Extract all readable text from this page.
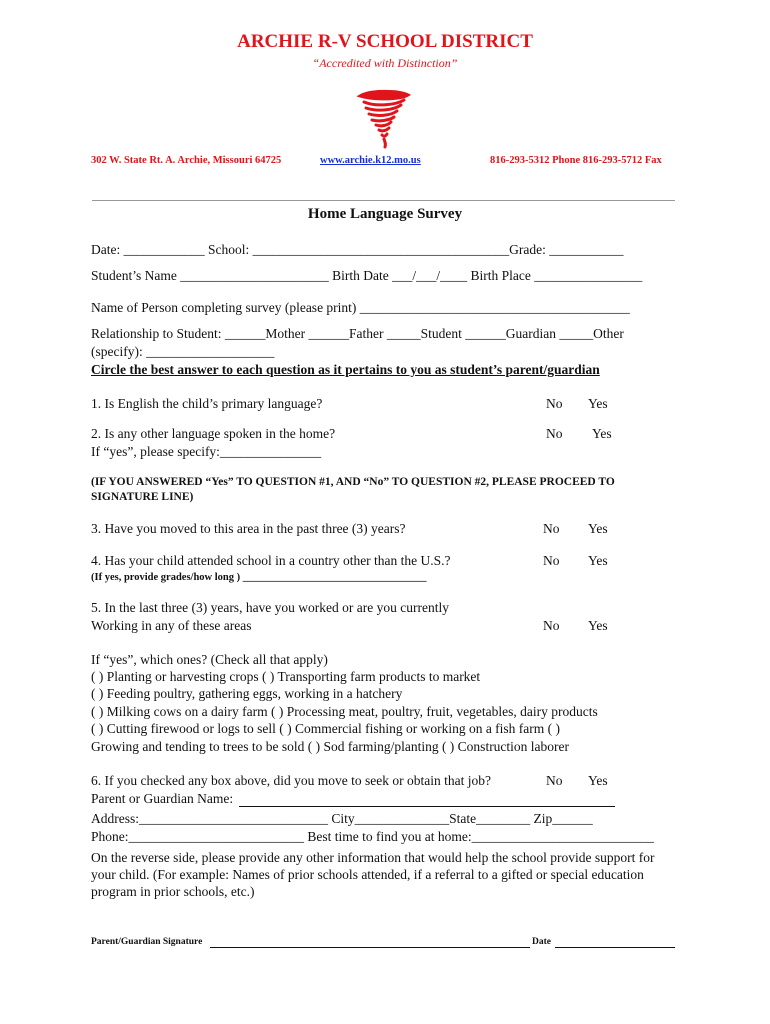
ARCHIE R-V SCHOOL DISTRICT
“Accredited with Distinction”
302 W. State Rt. A. Archie, Missouri 64725	www.archie.k12.mo.us	816-293-5312 Phone 816-293-5712 Fax
Home Language Survey
Date: ____________ School: ______________________________________Grade: ___________
Student’s Name ______________________ Birth Date ___/___/____ Birth Place ________________
Name of Person completing survey (please print) ________________________________________
Relationship to Student: ______Mother ______Father _____Student ______Guardian _____Other
(specify): ___________________
Circle the best answer to each question as it pertains to you as student’s parent/guardian
1. Is English the child’s primary language?	No Yes
2. Is any other language spoken in the home?	No Yes
If “yes”, please specify:_______________
(IF YOU ANSWERED “Yes” TO QUESTION #1, AND “No” TO QUESTION #2, PLEASE PROCEED TO
SIGNATURE LINE)
3. Have you moved to this area in the past three (3) years?	No Yes
4. Has your child attended school in a country other than the U.S.?	No Yes
(If yes, provide grades/how long ) ___________________________________
5. In the last three (3) years, have you worked or are you currently
Working in any of these areas	No Yes
If “yes”, which ones? (Check all that apply)
( ) Planting or harvesting crops ( ) Transporting farm products to market
( ) Feeding poultry, gathering eggs, working in a hatchery
( ) Milking cows on a dairy farm ( ) Processing meat, poultry, fruit, vegetables, dairy products
( ) Cutting firewood or logs to sell ( ) Commercial fishing or working on a fish farm ( )
Growing and tending to trees to be sold ( ) Sod farming/planting ( ) Construction laborer
6. If you checked any box above, did you move to seek or obtain that job?	No Yes
Parent or Guardian Name:
Address:____________________________ City______________State________ Zip______
Phone:__________________________ Best time to find you at home:___________________________
On the reverse side, please provide any other information that would help the school provide support for
your child. (For example: Names of prior schools attended, if a referral to a gifted or special education
program in prior schools, etc.)
Parent/Guardian Signature	Date
